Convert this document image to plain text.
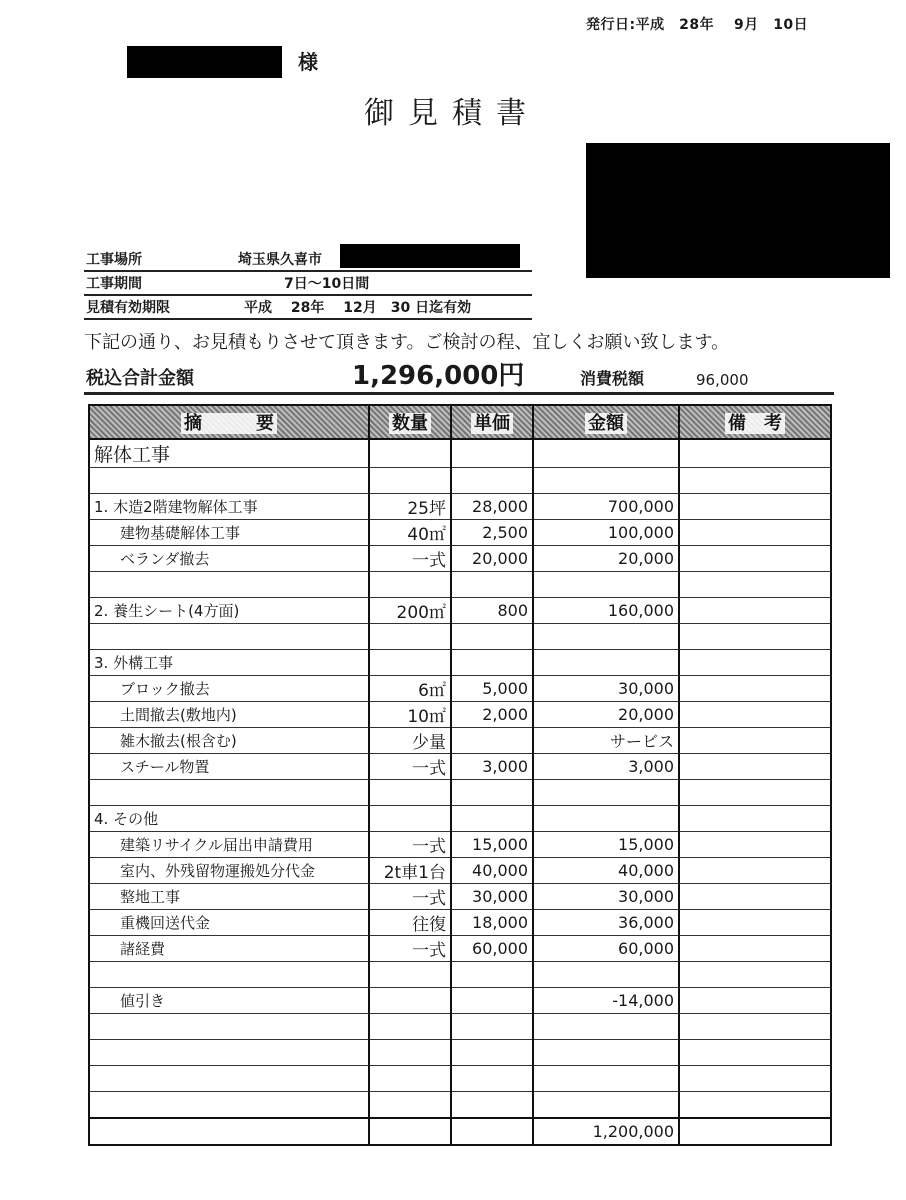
発行日:平成　28年　 9月　10日
様
御見積書
工事場所	埼玉県久喜市
工事期間	7日～10日間
見積有効期限	平成　 28年　 12月　30 日迄有効
下記の通り、お見積もりさせて頂きます。ご検討の程、宜しくお願い致します。
税込合計金額	1,296,000円	消費税額	96,000
摘　　　要	数量	単価	金額	備　考
解体工事				

1. 木造2階建物解体工事	25坪	28,000	700,000	
建物基礎解体工事	40㎡	2,500	100,000	
ベランダ撤去	一式	20,000	20,000	

2. 養生シート(4方面)	200㎡	800	160,000	

3. 外構工事				
ブロック撤去	6㎡	5,000	30,000	
土間撤去(敷地内)	10㎡	2,000	20,000	
雑木撤去(根含む)	少量		サービス	
スチール物置	一式	3,000	3,000	

4. その他				
建築リサイクル届出申請費用	一式	15,000	15,000	
室内、外残留物運搬処分代金	2t車1台	40,000	40,000	
整地工事	一式	30,000	30,000	
重機回送代金	往復	18,000	36,000	
諸経費	一式	60,000	60,000	

値引き			-14,000	

			1,200,000	
